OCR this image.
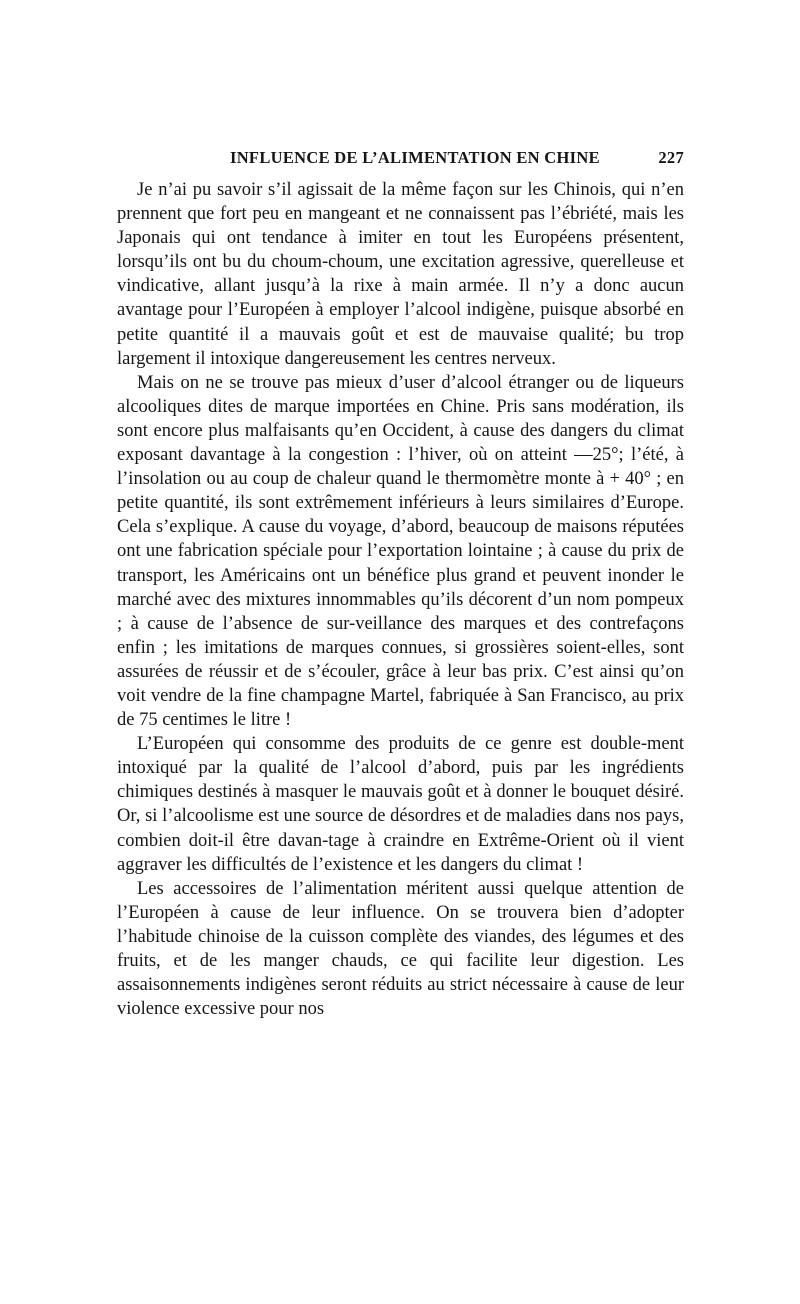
INFLUENCE DE L’ALIMENTATION EN CHINE	227

Je n’ai pu savoir s’il agissait de la même façon sur les Chinois, qui n’en prennent que fort peu en mangeant et ne connaissent pas l’ébriété, mais les Japonais qui ont tendance à imiter en tout les Européens présentent, lorsqu’ils ont bu du choum-choum, une excitation agressive, querelleuse et vindicative, allant jusqu’à la rixe à main armée. Il n’y a donc aucun avantage pour l’Européen à employer l’alcool indigène, puisque absorbé en petite quantité il a mauvais goût et est de mauvaise qualité; bu trop largement il intoxique dangereusement les centres nerveux.

Mais on ne se trouve pas mieux d’user d’alcool étranger ou de liqueurs alcooliques dites de marque importées en Chine. Pris sans modération, ils sont encore plus malfaisants qu’en Occident, à cause des dangers du climat exposant davantage à la congestion : l’hiver, où on atteint —25°; l’été, à l’insolation ou au coup de chaleur quand le thermomètre monte à + 40° ; en petite quantité, ils sont extrêmement inférieurs à leurs similaires d’Europe. Cela s’explique. A cause du voyage, d’abord, beaucoup de maisons réputées ont une fabrication spéciale pour l’exportation lointaine ; à cause du prix de transport, les Américains ont un bénéfice plus grand et peuvent inonder le marché avec des mixtures innommables qu’ils décorent d’un nom pompeux ; à cause de l’absence de sur-veillance des marques et des contrefaçons enfin ; les imitations de marques connues, si grossières soient-elles, sont assurées de réussir et de s’écouler, grâce à leur bas prix. C’est ainsi qu’on voit vendre de la fine champagne Martel, fabriquée à San Francisco, au prix de 75 centimes le litre !

L’Européen qui consomme des produits de ce genre est double-ment intoxiqué par la qualité de l’alcool d’abord, puis par les ingrédients chimiques destinés à masquer le mauvais goût et à donner le bouquet désiré. Or, si l’alcoolisme est une source de désordres et de maladies dans nos pays, combien doit-il être davan-tage à craindre en Extrême-Orient où il vient aggraver les difficultés de l’existence et les dangers du climat !

Les accessoires de l’alimentation méritent aussi quelque attention de l’Européen à cause de leur influence. On se trouvera bien d’adopter l’habitude chinoise de la cuisson complète des viandes, des légumes et des fruits, et de les manger chauds, ce qui facilite leur digestion. Les assaisonnements indigènes seront réduits au strict nécessaire à cause de leur violence excessive pour nos
